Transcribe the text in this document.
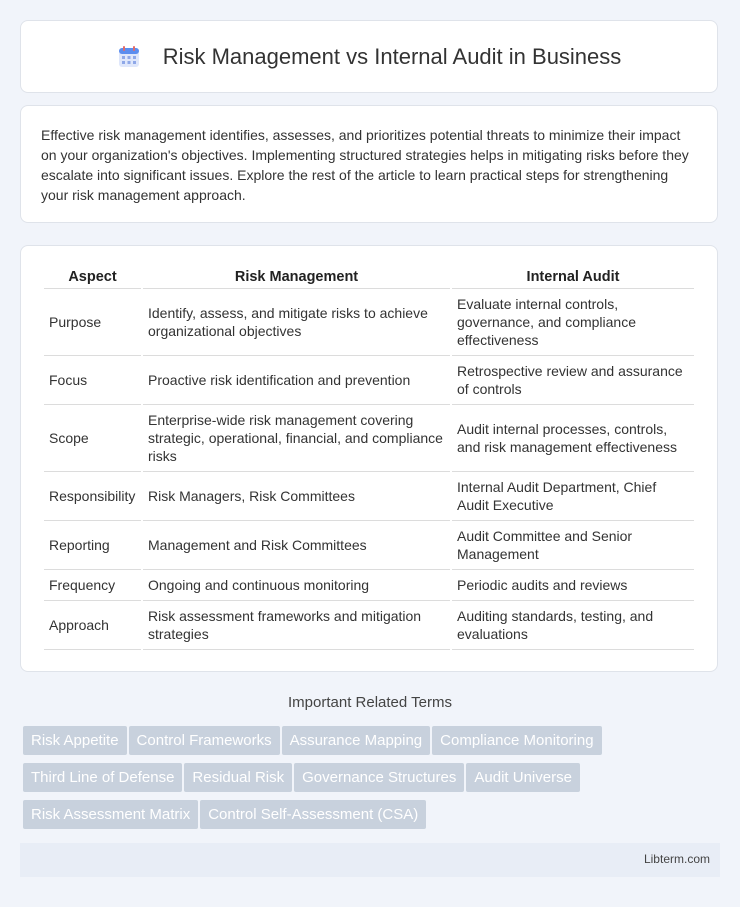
Risk Management vs Internal Audit in Business

Effective risk management identifies, assesses, and prioritizes potential threats to minimize their impact on your organization's objectives. Implementing structured strategies helps in mitigating risks before they escalate into significant issues. Explore the rest of the article to learn practical steps for strengthening your risk management approach.

Aspect	Risk Management	Internal Audit
Purpose	Identify, assess, and mitigate risks to achieve organizational objectives	Evaluate internal controls, governance, and compliance effectiveness
Focus	Proactive risk identification and prevention	Retrospective review and assurance of controls
Scope	Enterprise-wide risk management covering strategic, operational, financial, and compliance risks	Audit internal processes, controls, and risk management effectiveness
Responsibility	Risk Managers, Risk Committees	Internal Audit Department, Chief Audit Executive
Reporting	Management and Risk Committees	Audit Committee and Senior Management
Frequency	Ongoing and continuous monitoring	Periodic audits and reviews
Approach	Risk assessment frameworks and mitigation strategies	Auditing standards, testing, and evaluations
Important Related Terms
Risk Appetite Control Frameworks Assurance Mapping Compliance Monitoring
Third Line of Defense Residual Risk Governance Structures Audit Universe
Risk Assessment Matrix Control Self-Assessment (CSA)
Libterm.com
